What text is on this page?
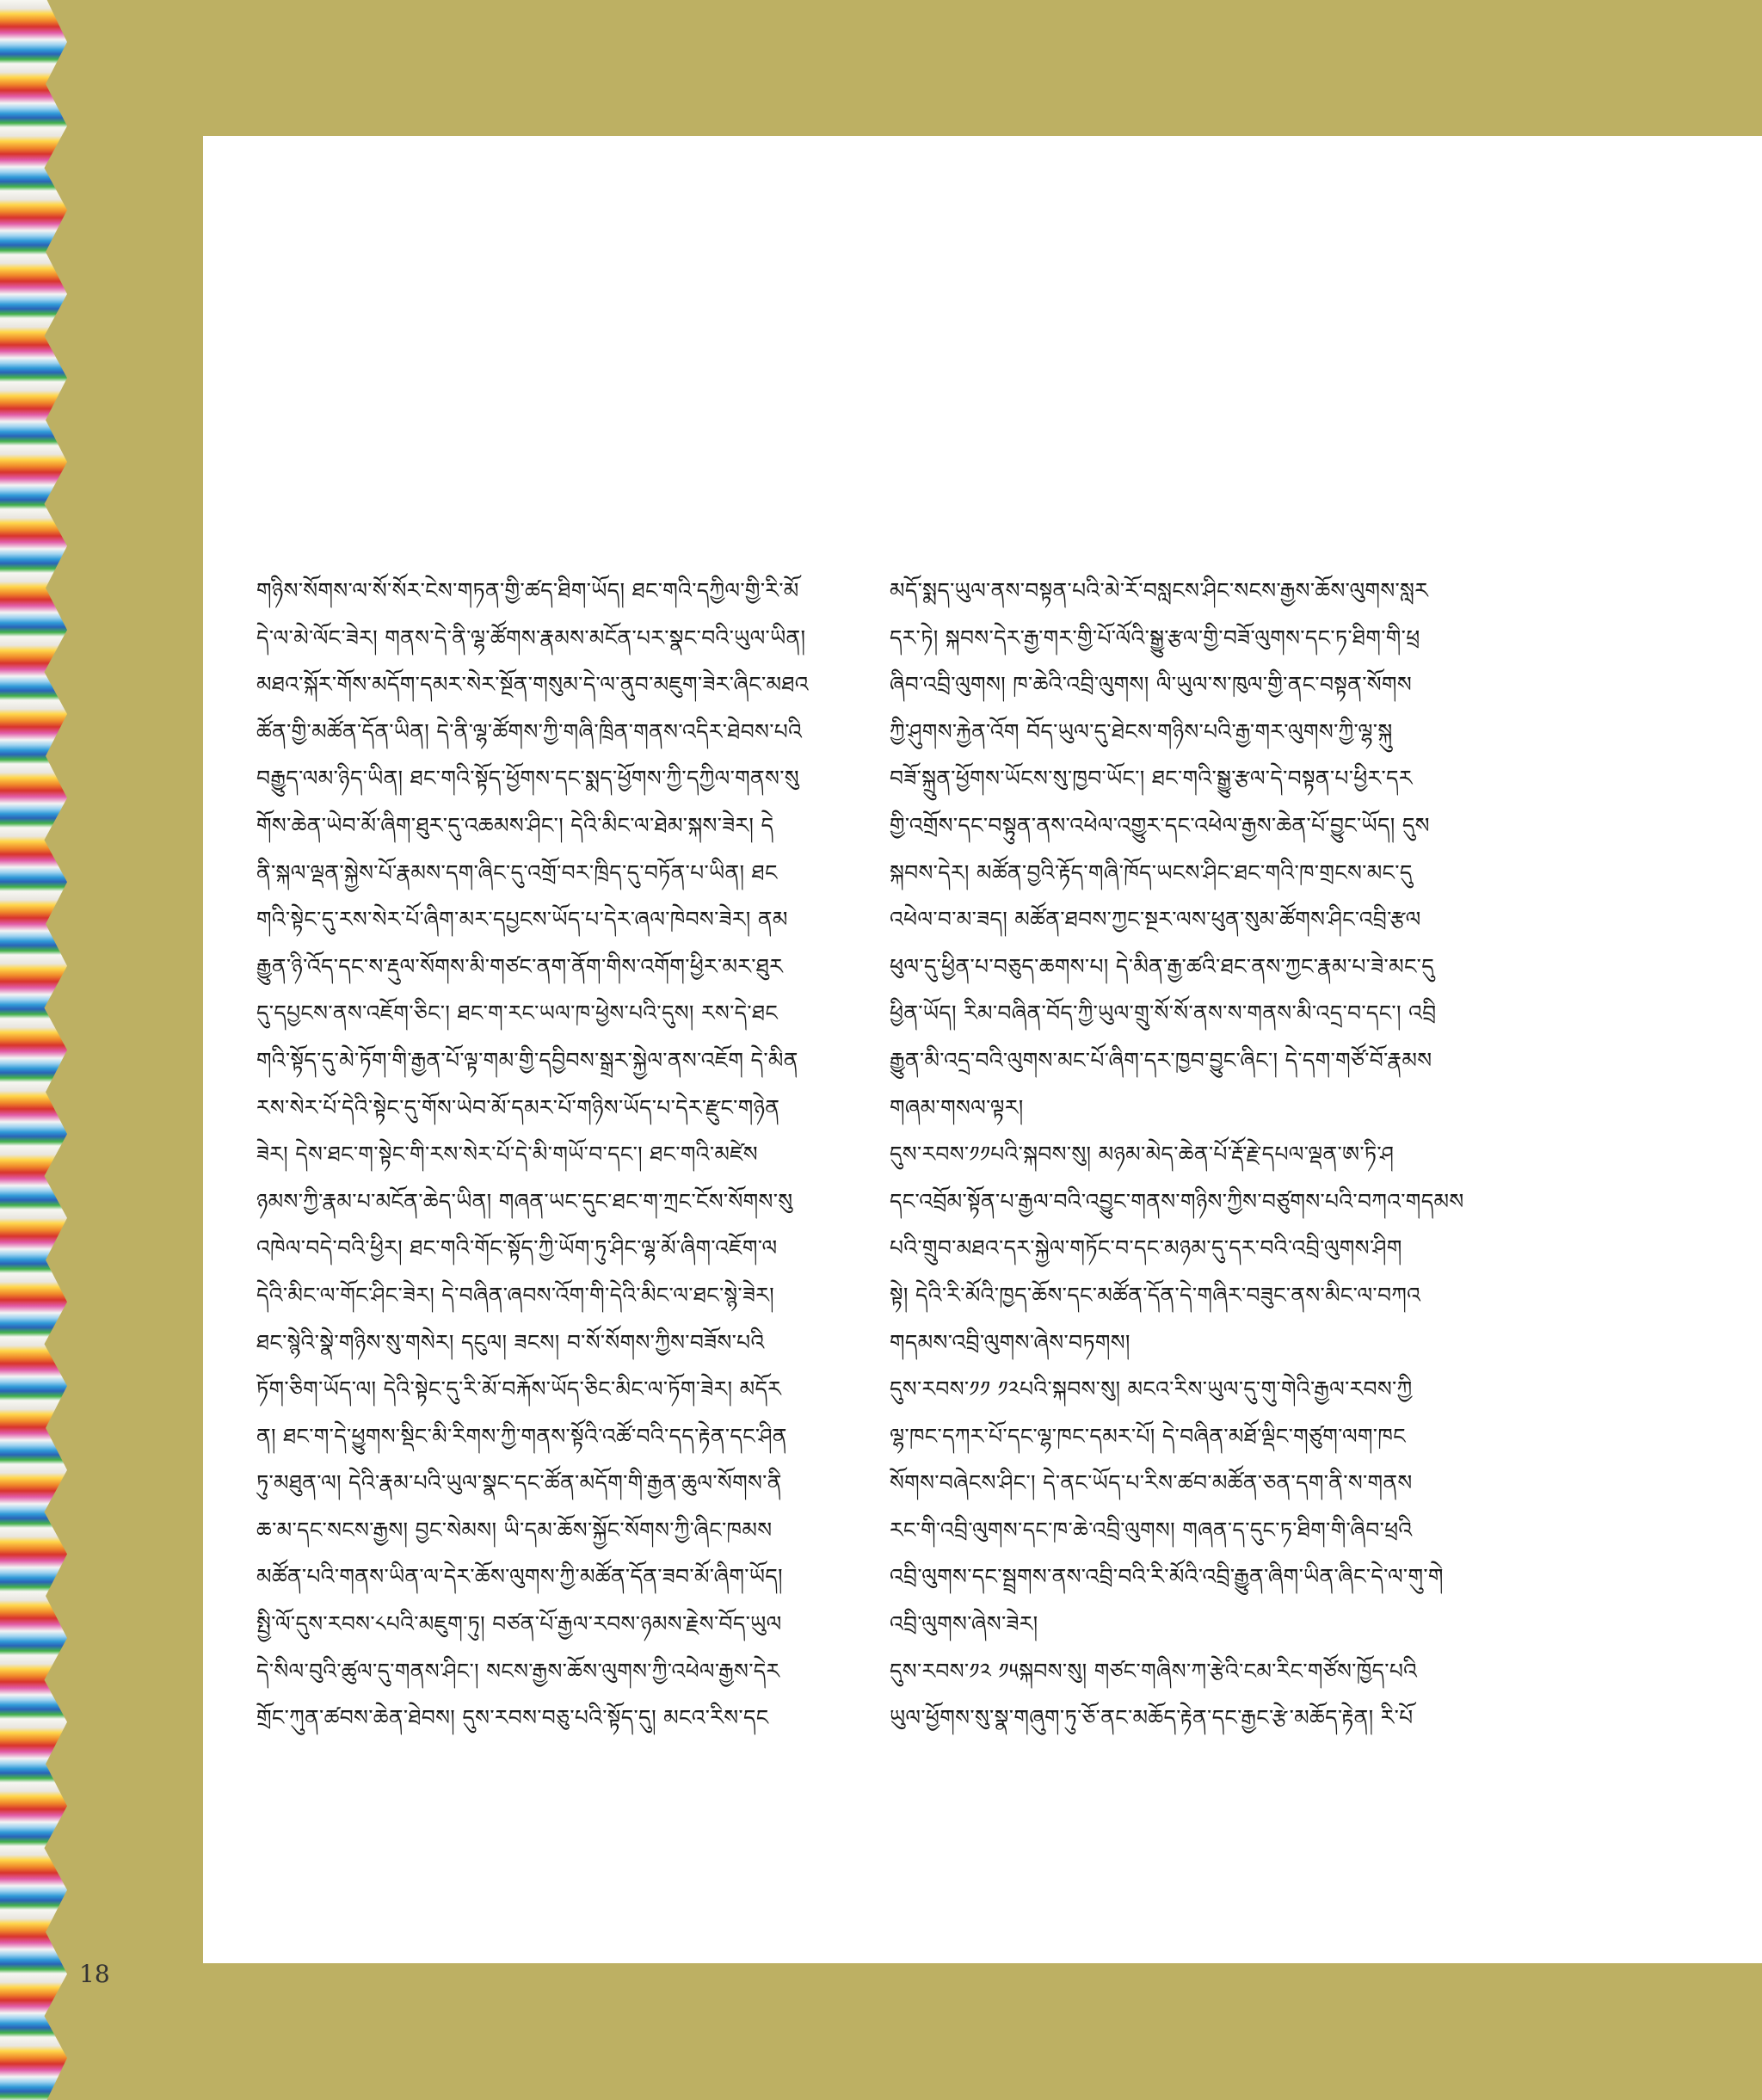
གཉིས་སོགས་ལ་སོ་སོར་ངེས་གཏན་གྱི་ཚད་ཐིག་ཡོད། ཐང་གའི་དཀྱིལ་གྱི་རི་མོ
དེ་ལ་མེ་ལོང་ཟེར། གནས་དེ་ནི་ལྷ་ཚོགས་རྣམས་མངོན་པར་སྣང་བའི་ཡུལ་ཡིན།
མཐའ་སྐོར་གོས་མདོག་དམར་སེར་སྔོན་གསུམ་དེ་ལ་ནུབ་མཇུག་ཟེར་ཞིང་མཐའ
ཚོན་གྱི་མཚོན་དོན་ཡིན། དེ་ནི་ལྷ་ཚོགས་ཀྱི་གཞི་ཁྲིན་གནས་འདིར་ཐེབས་པའི
བརྒྱུད་ལམ་ཉིད་ཡིན། ཐང་གའི་སྟོད་ཕྱོགས་དང་སྨད་ཕྱོགས་ཀྱི་དཀྱིལ་གནས་སུ
གོས་ཆེན་ཡེབ་མོ་ཞིག་ཐུར་དུ་འཆམས་ཤིང་། དེའི་མིང་ལ་ཐེམ་སྐས་ཟེར། དེ
ནི་སྐལ་ལྡན་སྐྱེས་པོ་རྣམས་དག་ཞིང་དུ་འགྲོ་བར་ཁྲིད་དུ་བཏོན་པ་ཡིན། ཐང
གའི་སྟེང་དུ་རས་སེར་པོ་ཞིག་མར་དཔྱངས་ཡོད་པ་དེར་ཞལ་ཁེབས་ཟེར། ནམ
རྒྱུན་ཉི་འོད་དང་ས་རྡུལ་སོགས་མི་གཙང་ནག་ནོག་གིས་འགོག་ཕྱིར་མར་ཐུར
དུ་དཔྱངས་ནས་འཇོག་ཅིང་། ཐང་ག་རང་ཡལ་ཁ་ཕྱེས་པའི་དུས། རས་དེ་ཐང
གའི་སྟོད་དུ་མེ་ཏོག་གི་རྒྱན་པོ་ལྟ་གམ་གྱི་དབྱིབས་སྒྲར་སྐྱེལ་ནས་འཇོག དེ་མིན
རས་སེར་པོ་དེའི་སྟེང་དུ་གོས་ཡེབ་མོ་དམར་པོ་གཉིས་ཡོད་པ་དེར་རྫུང་གཉེན
ཟེར། དེས་ཐང་ག་སྟེང་གི་རས་སེར་པོ་དེ་མི་གཡོ་བ་དང་། ཐང་གའི་མཛེས
ཉམས་ཀྱི་རྣམ་པ་མངོན་ཆེད་ཡིན། གཞན་ཡང་དུང་ཐང་ག་ཀྲང་ངོས་སོགས་སུ
འཁེལ་བདེ་བའི་ཕྱིར། ཐང་གའི་གོང་སྟོད་ཀྱི་ཡོག་ཏུ་ཤིང་ལྷ་མོ་ཞིག་འཇོག་ལ
དེའི་མིང་ལ་གོང་ཤིང་ཟེར། དེ་བཞིན་ཞབས་འོག་གི་དེའི་མིང་ལ་ཐང་སྙེ་ཟེར།
ཐང་སྙེའི་སྣེ་གཉིས་སུ་གསེར། དངུལ། ཟངས། བ་སོ་སོགས་ཀྱིས་བཟོས་པའི
ཏོག་ཅིག་ཡོད་ལ། དེའི་སྟེང་དུ་རི་མོ་བརྐོས་ཡོད་ཅིང་མིང་ལ་ཏོག་ཟེར། མདོར
ན། ཐང་ག་དེ་ཕྱུགས་སྡིང་མི་རིགས་ཀྱི་གནས་སྟོའི་འཚོ་བའི་དད་རྟེན་དང་ཤིན
ཏུ་མཐུན་ལ། དེའི་རྣམ་པའི་ཡུལ་སྣང་དང་ཚོན་མདོག་གི་རྒྱན་ཆུལ་སོགས་ནི
ཆ་མ་དང་སངས་རྒྱས། བྱང་སེམས། ཡི་དམ་ཆོས་སྐྱོང་སོགས་ཀྱི་ཞིང་ཁམས
མཚོན་པའི་གནས་ཡིན་ལ་དེར་ཆོས་ལུགས་ཀྱི་མཚོན་དོན་ཟབ་མོ་ཞིག་ཡོད།
སྤྱི་ལོ་དུས་རབས་༨པའི་མཇུག་ཏུ། བཙན་པོ་རྒྱལ་རབས་ཉམས་རྗེས་བོད་ཡུལ
དེ་སིལ་བུའི་ཚུལ་དུ་གནས་ཤིང་། སངས་རྒྱས་ཆོས་ལུགས་ཀྱི་འཕེལ་རྒྱས་དེར
གྲོང་ཀུན་ཚབས་ཆེན་ཐེབས། དུས་རབས་བཅུ་པའི་སྟོད་དུ། མངའ་རིས་དང
མདོ་སྨད་ཡུལ་ནས་བསྟན་པའི་མེ་རོ་བསླངས་ཤིང་སངས་རྒྱས་ཆོས་ལུགས་སླར
དར་ཏེ། སྐབས་དེར་རྒྱ་གར་གྱི་པོ་ལོའི་སྒྱུ་རྩལ་གྱི་བཟོ་ལུགས་དང་ཏ་ཐིག་གི་ཕྲ
ཞིབ་འབྲི་ལུགས། ཁ་ཆེའི་འབྲི་ལུགས། ལི་ཡུལ་ས་ཁུལ་གྱི་ནང་བསྟན་སོགས
ཀྱི་ཤུགས་རྐྱེན་འོག བོད་ཡུལ་དུ་ཐེངས་གཉིས་པའི་རྒྱ་གར་ལུགས་ཀྱི་ལྷ་སྐུ
བཟོ་སྐྲུན་ཕྱོགས་ཡོངས་སུ་ཁྱབ་ཡོང་། ཐང་གའི་སྒྱུ་རྩལ་དེ་བསྟན་པ་ཕྱིར་དར
གྱི་འགྲོས་དང་བསྟུན་ནས་འཕེལ་འགྱུར་དང་འཕེལ་རྒྱས་ཆེན་པོ་བྱུང་ཡོད། དུས
སྐབས་དེར། མཚོན་བྱའི་རྟོད་གཞི་ཁོད་ཡངས་ཤིང་ཐང་གའི་ཁ་གྲངས་མང་དུ
འཕེལ་བ་མ་ཟད། མཚོན་ཐབས་ཀྱང་སྔར་ལས་ཕུན་སུམ་ཚོགས་ཤིང་འབྲི་རྩལ
ཕུལ་དུ་ཕྱིན་པ་བཅུད་ཆགས་པ། དེ་མིན་རྒྱ་ཚའི་ཐང་ནས་ཀྱང་རྣམ་པ་ཟེ་མང་དུ
ཕྱིན་ཡོད། རིམ་བཞིན་བོད་ཀྱི་ཡུལ་གྲུ་སོ་སོ་ནས་ས་གནས་མི་འདྲ་བ་དང་། འབྲི
རྒྱུན་མི་འདྲ་བའི་ལུགས་མང་པོ་ཞིག་དར་ཁྱབ་བྱུང་ཞིང་། དེ་དག་གཙོ་བོ་རྣམས
གཞམ་གསལ་ལྟར།
དུས་རབས་༡༡པའི་སྐབས་སུ། མཉམ་མེད་ཆེན་པོ་རྡོ་རྗེ་དཔལ་ལྡན་ཨ་ཏི་ཤ
དང་འབྲོམ་སྟོན་པ་རྒྱལ་བའི་འབྱུང་གནས་གཉིས་ཀྱིས་བཙུགས་པའི་བཀའ་གདམས
པའི་གྲུབ་མཐའ་དར་སྐྱེལ་གཏོང་བ་དང་མཉམ་དུ་དར་བའི་འབྲི་ལུགས་ཤིག
སྟེ། དེའི་རི་མོའི་ཁྱད་ཆོས་དང་མཚོན་དོན་དེ་གཞིར་བཟུང་ནས་མིང་ལ་བཀའ
གདམས་འབྲི་ལུགས་ཞེས་བཏགས།
དུས་རབས་༡༡ ༡༢པའི་སྐབས་སུ། མངའ་རིས་ཡུལ་དུ་གུ་གེའི་རྒྱལ་རབས་ཀྱི
ལྷ་ཁང་དཀར་པོ་དང་ལྷ་ཁང་དམར་པོ། དེ་བཞིན་མཐོ་ལྡིང་གཙུག་ལག་ཁང
སོགས་བཞེངས་ཤིང་། དེ་ནང་ཡོད་པ་རིས་ཚབ་མཚོན་ཅན་དག་ནི་ས་གནས
རང་གི་འབྲི་ལུགས་དང་ཁ་ཆེ་འབྲི་ལུགས། གཞན་ད་དུང་ཏ་ཐིག་གི་ཞིབ་ཕྲའི
འབྲི་ལུགས་དང་སྦྲགས་ནས་འབྲི་བའི་རི་མོའི་འབྲི་རྒྱུན་ཞིག་ཡིན་ཞིང་དེ་ལ་གུ་གེ
འབྲི་ལུགས་ཞེས་ཟེར།
དུས་རབས་༡༢ ༡༥སྐབས་སུ། གཙང་གཞིས་ཀ་རྩེའི་ངམ་རིང་གཙོས་ཁྱོད་པའི
ཡུལ་ཕྱོགས་སུ་སྣ་གཞུག་ཏུ་ཅོ་ནང་མཆོད་རྟེན་དང་རྒྱང་རྩེ་མཆོད་རྟེན། རི་པོ
18
